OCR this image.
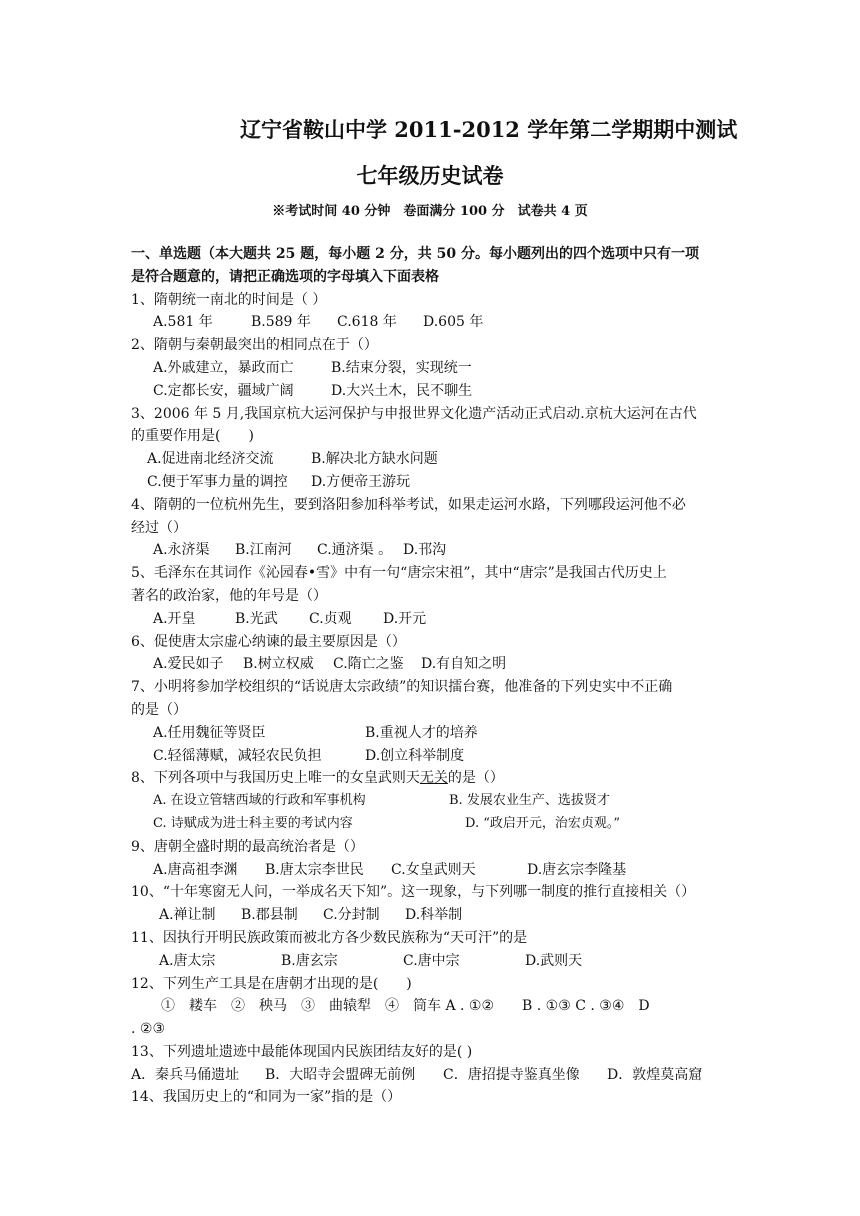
辽宁省鞍山中学 2011-2012 学年第二学期期中测试
七年级历史试卷
※考试时间 40 分钟　卷面满分 100 分　试卷共 4 页
一、单选题（本大题共 25 题，每小题 2 分，共 50 分。每小题列出的四个选项中只有一项
是符合题意的，请把正确选项的字母填入下面表格
1、隋朝统一南北的时间是（ ）
A.581 年	B.589 年 C.618 年 D.605 年
2、隋朝与秦朝最突出的相同点在于（）
A.外戚建立，暴政而亡	B.结束分裂，实现统一
C.定都长安，疆域广阔	D.大兴土木，民不聊生
3、2006 年 5 月,我国京杭大运河保护与申报世界文化遗产活动正式启动.京杭大运河在古代
的重要作用是(　　)
A.促进南北经济交流	B.解决北方缺水问题
C.便于军事力量的调控 D.方便帝王游玩
4、隋朝的一位杭州先生，要到洛阳参加科举考试，如果走运河水路，下列哪段运河他不必
经过（）
A.永济渠 B.江南河 C.通济渠 。 D.邗沟
5、毛泽东在其词作《沁园春•雪》中有一句“唐宗宋祖”，其中“唐宗”是我国古代历史上
著名的政治家，他的年号是（）
A.开皇	B.光武 C.贞观 D.开元
6、促使唐太宗虚心纳谏的最主要原因是（）
A.爱民如子 B.树立权威 C.隋亡之鉴 D.有自知之明
7、小明将参加学校组织的“话说唐太宗政绩”的知识擂台赛，他准备的下列史实中不正确
的是（）
A.任用魏征等贤臣	B.重视人才的培养
C.轻徭薄赋，减轻农民负担	D.创立科举制度
8、下列各项中与我国历史上唯一的女皇武则天无关的是（）
A. 在设立管辖西域的行政和军事机构	B. 发展农业生产、选拔贤才
C. 诗赋成为进士科主要的考试内容	D. “政启开元，治宏贞观。”
9、唐朝全盛时期的最高统治者是（）
A.唐高祖李渊 B.唐太宗李世民 C.女皇武则天	D.唐玄宗李隆基
10、“十年寒窗无人问，一举成名天下知”。这一现象，与下列哪一制度的推行直接相关（）
A.禅让制 B.郡县制 C.分封制 D.科举制
11、因执行开明民族政策而被北方各少数民族称为“天可汗”的是
A.唐太宗	B.唐玄宗	C.唐中宗	D.武则天
12、下列生产工具是在唐朝才出现的是(　　)
①　耧车　②　秧马　③　曲辕犁　④　筒车 A . ①②　　B . ①③ C . ③④　D
. ②③
13、下列遗址遗迹中最能体现国内民族团结友好的是( )
A．秦兵马俑遗址 B．大昭寺会盟碑无前例 C．唐招提寺鉴真坐像 D．敦煌莫高窟
14、我国历史上的“和同为一家”指的是（）
